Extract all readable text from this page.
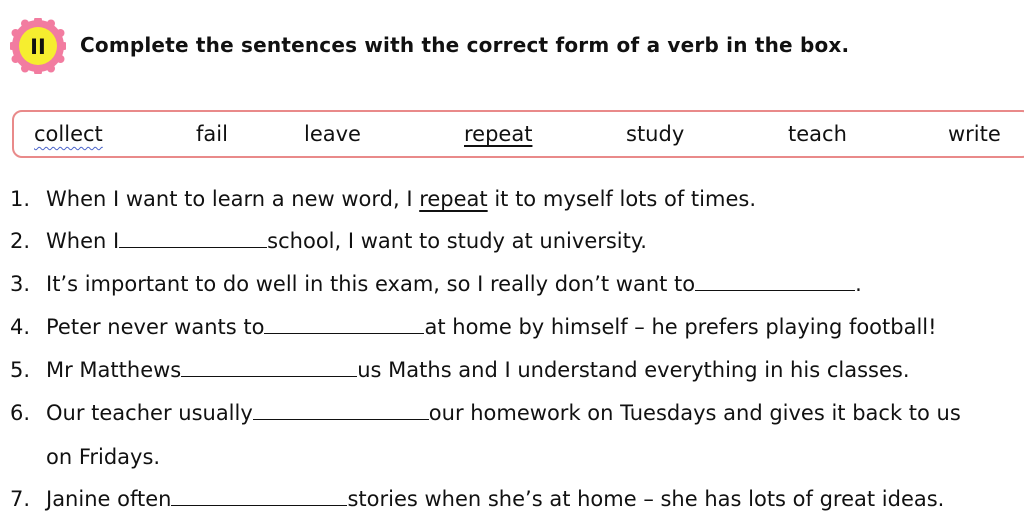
II Complete the sentences with the correct form of a verb in the box.
collect	fail	leave	repeat	study	teach	write
1. When I want to learn a new word, I repeat it to myself lots of times.
2. When I	school, I want to study at university.
3. It’s important to do well in this exam, so I really don’t want to	.
4. Peter never wants to	at home by himself – he prefers playing football!
5. Mr Matthews	us Maths and I understand everything in his classes.
6. Our teacher usually	our homework on Tuesdays and gives it back to us
on Fridays.
7. Janine often	stories when she’s at home – she has lots of great ideas.
